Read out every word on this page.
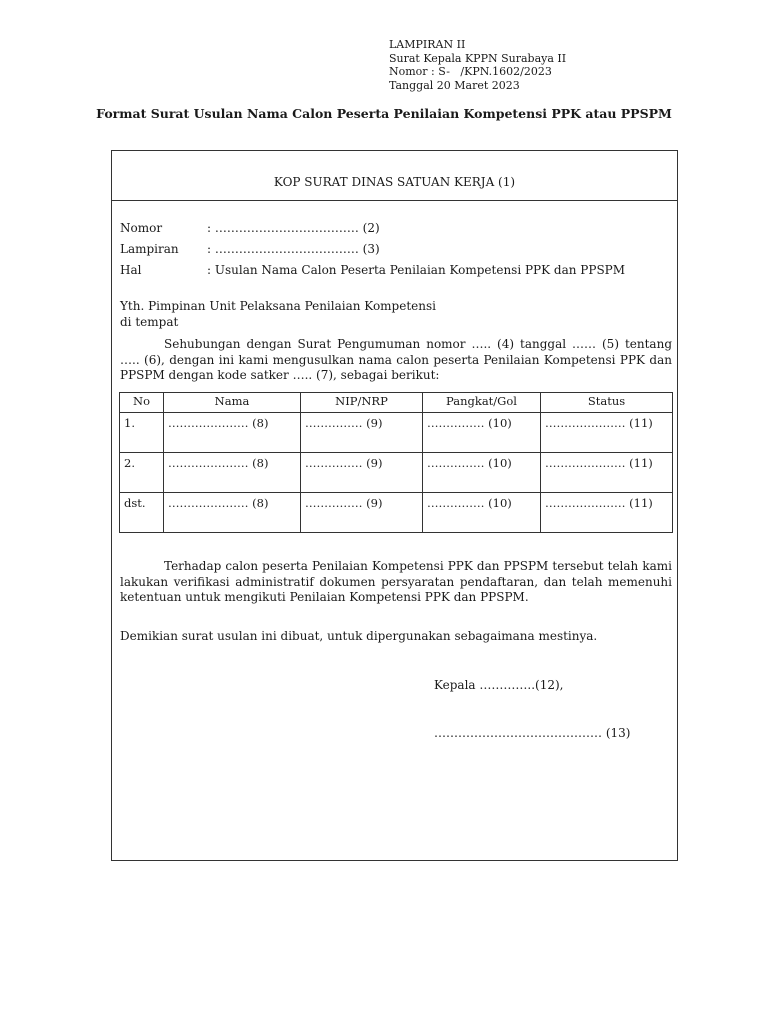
LAMPIRAN II
Surat Kepala KPPN Surabaya II
Nomor : S-   /KPN.1602/2023
Tanggal 20 Maret 2023
Format Surat Usulan Nama Calon Peserta Penilaian Kompetensi PPK atau PPSPM
KOP SURAT DINAS SATUAN KERJA (1)
Nomor	: ……………………………… (2)
Lampiran : ……………………………… (3)
Hal	: Usulan Nama Calon Peserta Penilaian Kompetensi PPK dan PPSPM
Yth. Pimpinan Unit Pelaksana Penilaian Kompetensi
di tempat
Sehubungan dengan Surat Pengumuman nomor ….. (4) tanggal …… (5) tentang ….. (6), dengan ini kami mengusulkan nama calon peserta Penilaian Kompetensi PPK dan PPSPM dengan kode satker ….. (7), sebagai berikut:
No	Nama	NIP/NRP	Pangkat/Gol	Status
1.	………………… (8)	…………… (9)	…………… (10)	………………… (11)
2.	………………… (8)	…………… (9)	…………… (10)	………………… (11)
dst.	………………… (8)	…………… (9)	…………… (10)	………………… (11)
Terhadap calon peserta Penilaian Kompetensi PPK dan PPSPM tersebut telah kami lakukan verifikasi administratif dokumen persyaratan pendaftaran, dan telah memenuhi ketentuan untuk mengikuti Penilaian Kompetensi PPK dan PPSPM.
Demikian surat usulan ini dibuat, untuk dipergunakan sebagaimana mestinya.
Kepala …………..(12),
…………………………………… (13)
